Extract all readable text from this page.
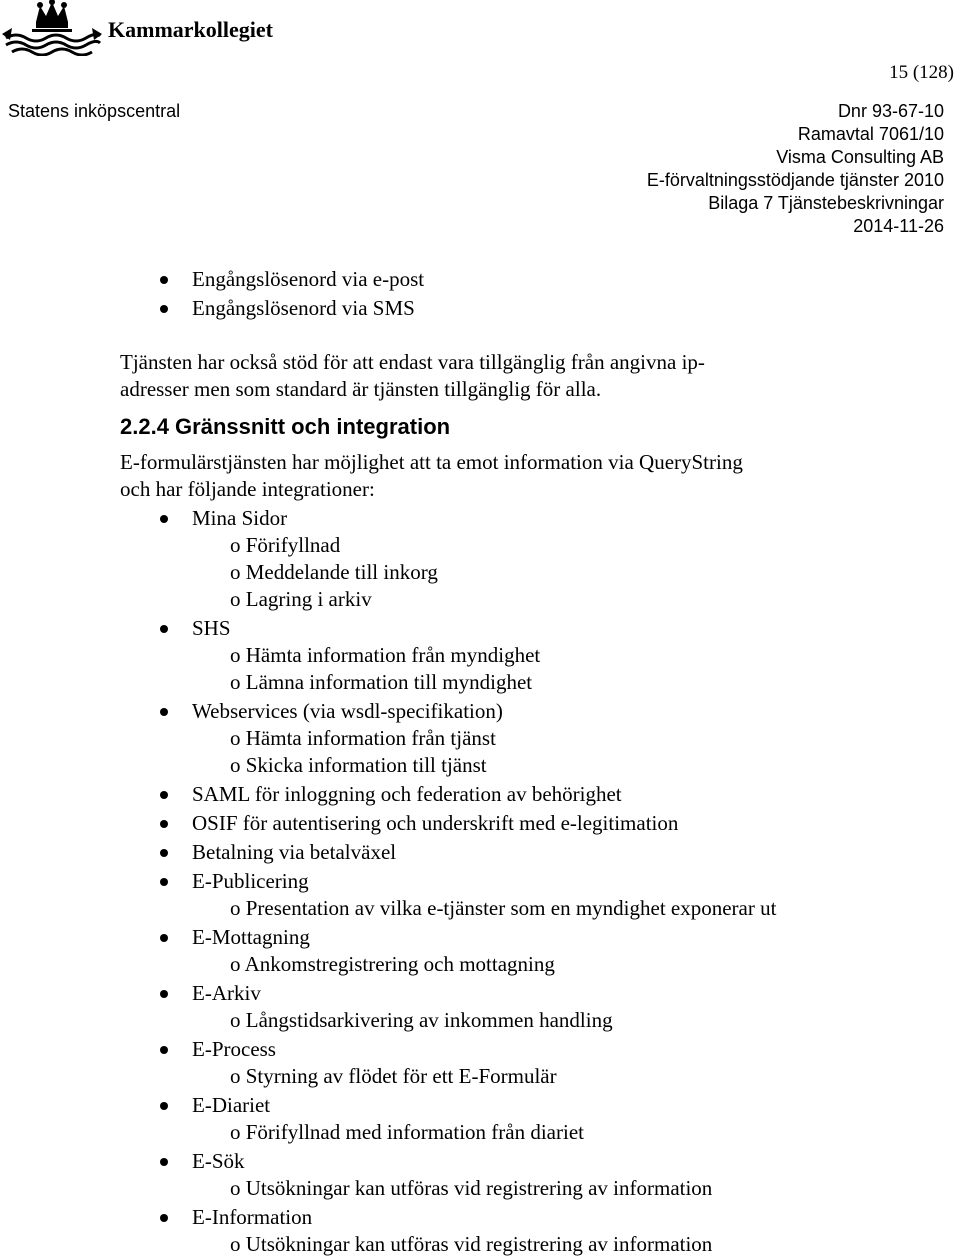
Kammarkollegiet
15 (128)
Statens inköpscentral	Dnr 93-67-10
Ramavtal 7061/10
Visma Consulting AB
E-förvaltningsstödjande tjänster 2010
Bilaga 7 Tjänstebeskrivningar
2014-11-26
Engångslösenord via e-post
Engångslösenord via SMS
Tjänsten har också stöd för att endast vara tillgänglig från angivna ip-
adresser men som standard är tjänsten tillgänglig för alla.
2.2.4 Gränssnitt och integration
E-formulärstjänsten har möjlighet att ta emot information via QueryString
och har följande integrationer:
Mina Sidor
o Förifyllnad
o Meddelande till inkorg
o Lagring i arkiv
SHS
o Hämta information från myndighet
o Lämna information till myndighet
Webservices (via wsdl-specifikation)
o Hämta information från tjänst
o Skicka information till tjänst
SAML för inloggning och federation av behörighet
OSIF för autentisering och underskrift med e-legitimation
Betalning via betalväxel
E-Publicering
o Presentation av vilka e-tjänster som en myndighet exponerar ut
E-Mottagning
o Ankomstregistrering och mottagning
E-Arkiv
o Långstidsarkivering av inkommen handling
E-Process
o Styrning av flödet för ett E-Formulär
E-Diariet
o Förifyllnad med information från diariet
E-Sök
o Utsökningar kan utföras vid registrering av information
E-Information
o Utsökningar kan utföras vid registrering av information
